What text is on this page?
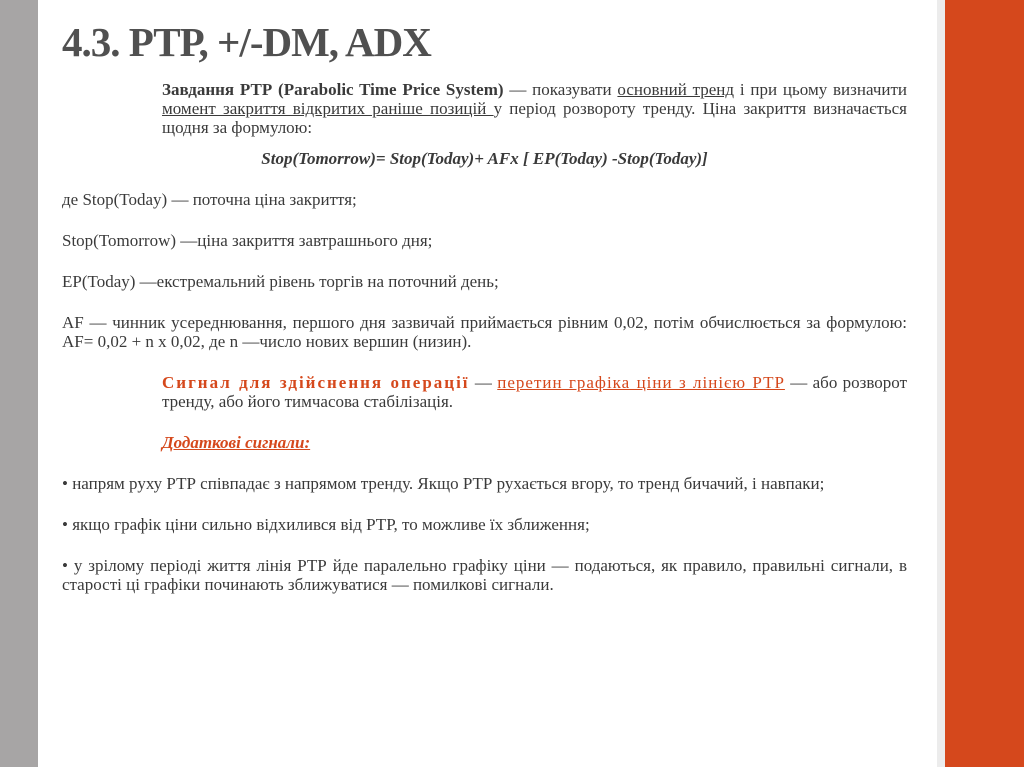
4.3. РТР, +/-DM, ADX

Завдання РТР (Parabolic Time Price System) — показувати основний тренд і при цьому визначити момент закриття відкритих раніше позицій у період розвороту тренду. Ціна закриття визначається щодня за формулою:

Stop(Tomorrow)= Stop(Today)+ AFx [ EP(Today) -Stop(Today)]

де Stop(Today) — поточна ціна закриття;

Stop(Tomorrow) —ціна закриття завтрашнього дня;

ЕР(Today) —екстремальний рівень торгів на поточний день;

AF — чинник усереднювання, першого дня зазвичай приймається рівним 0,02, потім обчислюється за формулою: AF= 0,02 + n х 0,02, де n —число нових вершин (низин).

Сигнал для здійснення операції — перетин графіка ціни з лінією РТР — або розворот тренду, або його тимчасова стабілізація.

Додаткові сигнали:

• напрям руху РТР співпадає з напрямом тренду. Якщо РТР рухається вгору, то тренд бичачий, і навпаки;

• якщо графік ціни сильно відхилився від РТР, то можливе їх зближення;

• у зрілому періоді життя лінія РТР йде паралельно графіку ціни — подаються, як правило, правильні сигнали, в старості ці графіки починають зближуватися — помилкові сигнали.
